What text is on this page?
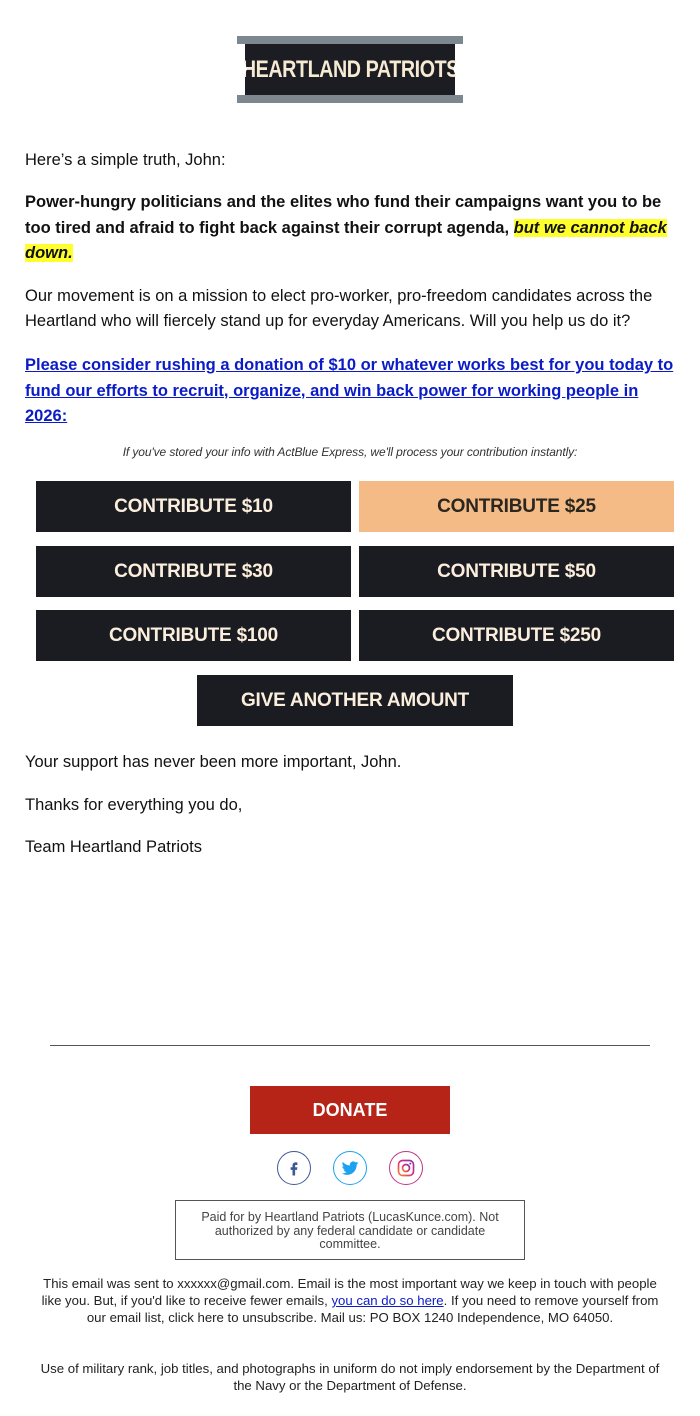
HEARTLAND PATRIOTS
Here’s a simple truth, John:
Power-hungry politicians and the elites who fund their campaigns want you to be too tired and afraid to fight back against their corrupt agenda, but we cannot back down.
Our movement is on a mission to elect pro-worker, pro-freedom candidates across the Heartland who will fiercely stand up for everyday Americans. Will you help us do it?
Please consider rushing a donation of $10 or whatever works best for you today to fund our efforts to recruit, organize, and win back power for working people in 2026:
If you've stored your info with ActBlue Express, we'll process your contribution instantly:
CONTRIBUTE $10	CONTRIBUTE $25
CONTRIBUTE $30	CONTRIBUTE $50
CONTRIBUTE $100	CONTRIBUTE $250
GIVE ANOTHER AMOUNT
Your support has never been more important, John.
Thanks for everything you do,
Team Heartland Patriots
DONATE
Paid for by Heartland Patriots (LucasKunce.com). Not authorized by any federal candidate or candidate committee.
This email was sent to xxxxxx@gmail.com. Email is the most important way we keep in touch with people like you. But, if you'd like to receive fewer emails, you can do so here. If you need to remove yourself from our email list, click here to unsubscribe. Mail us: PO BOX 1240 Independence, MO 64050.
Use of military rank, job titles, and photographs in uniform do not imply endorsement by the Department of the Navy or the Department of Defense.
